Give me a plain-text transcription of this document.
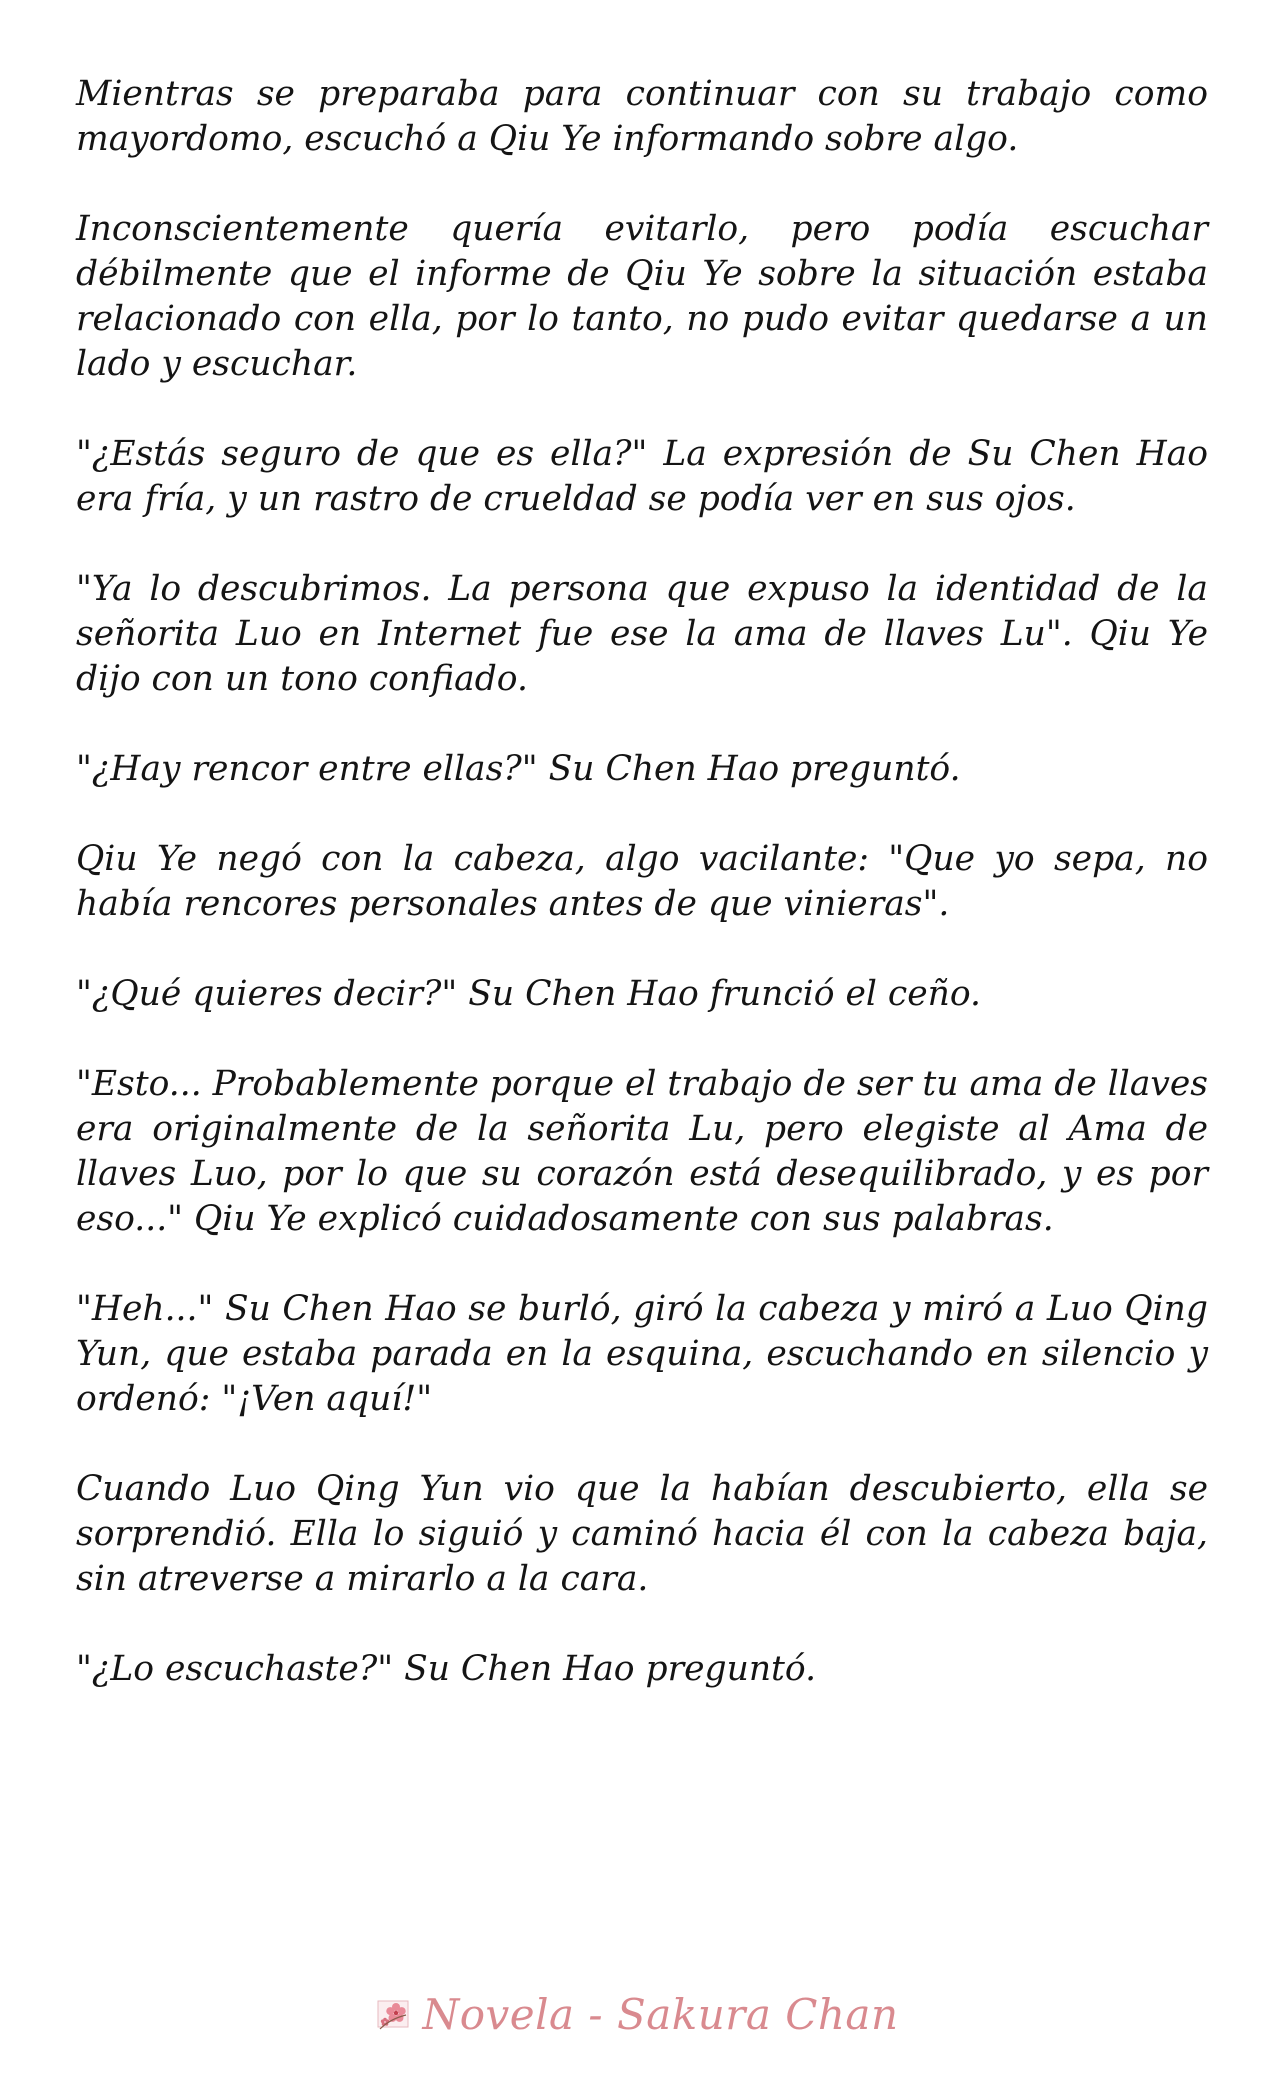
Mientras se preparaba para continuar con su trabajo como mayordomo, escuchó a Qiu Ye informando sobre algo.

Inconscientemente quería evitarlo, pero podía escuchar débilmente que el informe de Qiu Ye sobre la situación estaba relacionado con ella, por lo tanto, no pudo evitar quedarse a un lado y escuchar.

"¿Estás seguro de que es ella?" La expresión de Su Chen Hao era fría, y un rastro de crueldad se podía ver en sus ojos.

"Ya lo descubrimos. La persona que expuso la identidad de la señorita Luo en Internet fue ese la ama de llaves Lu". Qiu Ye dijo con un tono confiado.

"¿Hay rencor entre ellas?" Su Chen Hao preguntó.

Qiu Ye negó con la cabeza, algo vacilante: "Que yo sepa, no había rencores personales antes de que vinieras".

"¿Qué quieres decir?" Su Chen Hao frunció el ceño.

"Esto... Probablemente porque el trabajo de ser tu ama de llaves era originalmente de la señorita Lu, pero elegiste al Ama de llaves Luo, por lo que su corazón está desequilibrado, y es por eso..." Qiu Ye explicó cuidadosamente con sus palabras.

"Heh..." Su Chen Hao se burló, giró la cabeza y miró a Luo Qing Yun, que estaba parada en la esquina, escuchando en silencio y ordenó: "¡Ven aquí!"

Cuando Luo Qing Yun vio que la habían descubierto, ella se sorprendió. Ella lo siguió y caminó hacia él con la cabeza baja, sin atreverse a mirarlo a la cara.

"¿Lo escuchaste?" Su Chen Hao preguntó.

Novela - Sakura Chan
